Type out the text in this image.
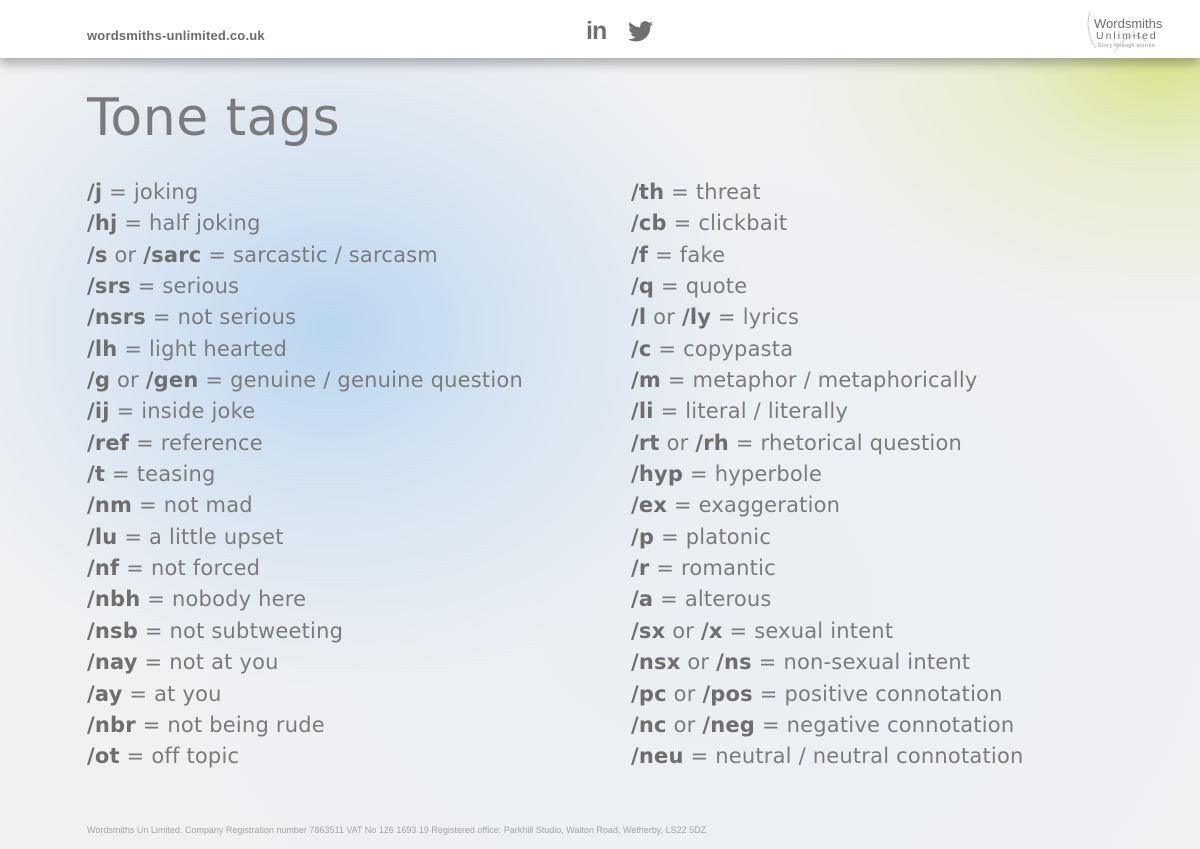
wordsmiths-unlimited.co.uk	in	Wordsmiths
Unlimited
Glory through stories
Tone tags
/j = joking
/hj = half joking
/s or /sarc = sarcastic / sarcasm
/srs = serious
/nsrs = not serious
/lh = light hearted
/g or /gen = genuine / genuine question
/ij = inside joke
/ref = reference
/t = teasing
/nm = not mad
/lu = a little upset
/nf = not forced
/nbh = nobody here
/nsb = not subtweeting
/nay = not at you
/ay = at you
/nbr = not being rude
/ot = off topic
/th = threat
/cb = clickbait
/f = fake
/q = quote
/l or /ly = lyrics
/c = copypasta
/m = metaphor / metaphorically
/li = literal / literally
/rt or /rh = rhetorical question
/hyp = hyperbole
/ex = exaggeration
/p = platonic
/r = romantic
/a = alterous
/sx or /x = sexual intent
/nsx or /ns = non-sexual intent
/pc or /pos = positive connotation
/nc or /neg = negative connotation
/neu = neutral / neutral connotation
Wordsmiths Un Limited. Company Registration number 7863511 VAT No 126 1693 19 Registered office: Parkhill Studio, Walton Road, Wetherby, LS22 5DZ
